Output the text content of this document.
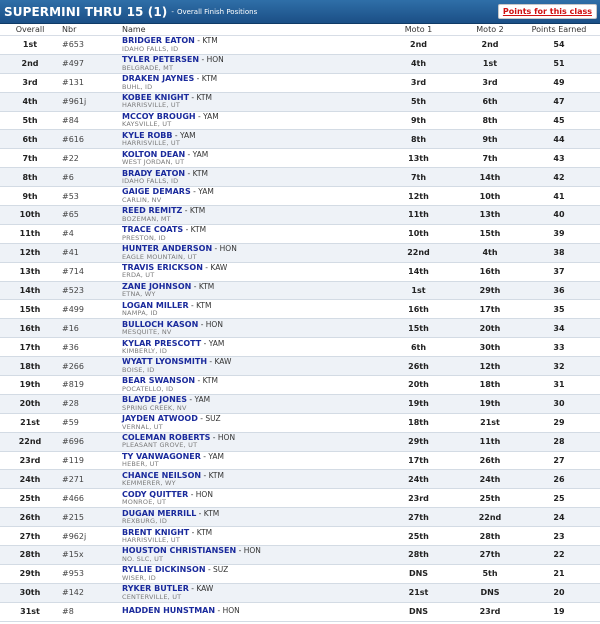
SUPERMINI THRU 15 (1) - Overall Finish Positions	Points for this class
Overall	Nbr	Name	Moto 1	Moto 2	Points Earned
1st	#653	BRIDGER EATON - KTM
IDAHO FALLS, ID	2nd	2nd	54
2nd	#497	TYLER PETERSEN - HON
BELGRADE, MT	4th	1st	51
3rd	#131	DRAKEN JAYNES - KTM
BUHL, ID	3rd	3rd	49
4th	#961j	KOBEE KNIGHT - KTM
HARRISVILLE, UT	5th	6th	47
5th	#84	MCCOY BROUGH - YAM
KAYSVILLE, UT	9th	8th	45
6th	#616	KYLE ROBB - YAM
HARRISVILLE, UT	8th	9th	44
7th	#22	KOLTON DEAN - YAM
WEST JORDAN, UT	13th	7th	43
8th	#6	BRADY EATON - KTM
IDAHO FALLS, ID	7th	14th	42
9th	#53	GAIGE DEMARS - YAM
CARLIN, NV	12th	10th	41
10th	#65	REED REMITZ - KTM
BOZEMAN, MT	11th	13th	40
11th	#4	TRACE COATS - KTM
PRESTON, ID	10th	15th	39
12th	#41	HUNTER ANDERSON - HON
EAGLE MOUNTAIN, UT	22nd	4th	38
13th	#714	TRAVIS ERICKSON - KAW
ERDA, UT	14th	16th	37
14th	#523	ZANE JOHNSON - KTM
ETNA, WY	1st	29th	36
15th	#499	LOGAN MILLER - KTM
NAMPA, ID	16th	17th	35
16th	#16	BULLOCH KASON - HON
MESQUITE, NV	15th	20th	34
17th	#36	KYLAR PRESCOTT - YAM
KIMBERLY, ID	6th	30th	33
18th	#266	WYATT LYONSMITH - KAW
BOISE, ID	26th	12th	32
19th	#819	BEAR SWANSON - KTM
POCATELLO, ID	20th	18th	31
20th	#28	BLAYDE JONES - YAM
SPRING CREEK, NV	19th	19th	30
21st	#59	JAYDEN ATWOOD - SUZ
VERNAL, UT	18th	21st	29
22nd	#696	COLEMAN ROBERTS - HON
PLEASANT GROVE, UT	29th	11th	28
23rd	#119	TY VANWAGONER - YAM
HEBER, UT	17th	26th	27
24th	#271	CHANCE NEILSON - KTM
KEMMERER, WY	24th	24th	26
25th	#466	CODY QUITTER - HON
MONROE, UT	23rd	25th	25
26th	#215	DUGAN MERRILL - KTM
REXBURG, ID	27th	22nd	24
27th	#962j	BRENT KNIGHT - KTM
HARRISVILLE, UT	25th	28th	23
28th	#15x	HOUSTON CHRISTIANSEN - HON
NO. SLC, UT	28th	27th	22
29th	#953	RYLLIE DICKINSON - SUZ
WISER, ID	DNS	5th	21
30th	#142	RYKER BUTLER - KAW
CENTERVILLE, UT	21st	DNS	20
31st	#8	HADDEN HUNSTMAN - HON	DNS	23rd	19
